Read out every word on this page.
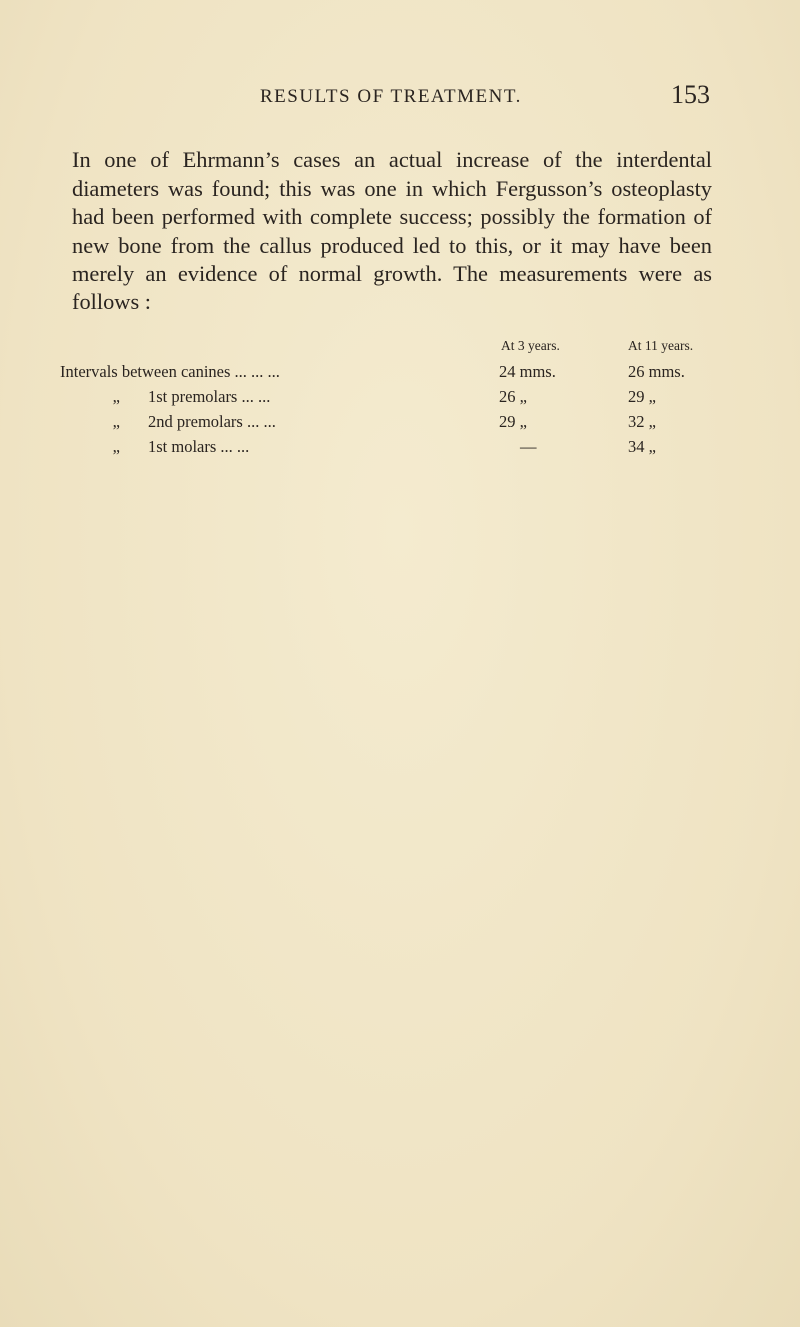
RESULTS OF TREATMENT.	153

In one of Ehrmann’s cases an actual increase of the interdental diameters was found; this was one in which Fergusson’s osteoplasty had been performed with complete success; possibly the formation of new bone from the callus produced led to this, or it may have been merely an evidence of normal growth. The measurements were as follows :

At 3 years.	At 11 years.
Intervals between canines ... ... ...	24 mms.	26 mms.
„ 1st premolars ... ...	26 „	29 „
„ 2nd premolars ... ...	29 „	32 „
„ 1st molars ... ...	—	34 „
